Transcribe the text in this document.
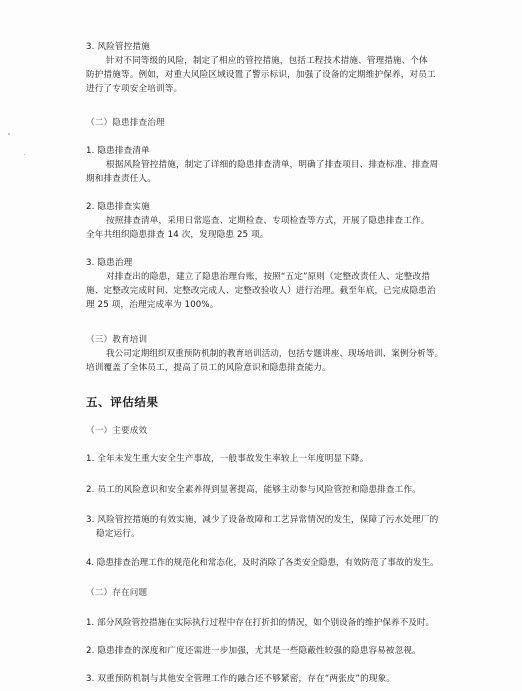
3. 风险管控措施
针对不同等级的风险，制定了相应的管控措施，包括工程技术措施、管理措施、个体
防护措施等。例如，对重大风险区域设置了警示标识，加强了设备的定期维护保养，对员工
进行了专项安全培训等。
（二）隐患排查治理
1. 隐患排查清单
根据风险管控措施，制定了详细的隐患排查清单，明确了排查项目、排查标准、排查周
期和排查责任人。
2. 隐患排查实施
按照排查清单，采用日常巡查、定期检查、专项检查等方式，开展了隐患排查工作。
全年共组织隐患排查 14 次，发现隐患 25 项。
3. 隐患治理
对排查出的隐患，建立了隐患治理台账，按照“五定”原则（定整改责任人、定整改措
施、定整改完成时间、定整改完成人、定整改验收人）进行治理。截至年底，已完成隐患治
理 25 项，治理完成率为 100%。
（三）教育培训
我公司定期组织双重预防机制的教育培训活动，包括专题讲座、现场培训、案例分析等。
培训覆盖了全体员工，提高了员工的风险意识和隐患排查能力。
五、评估结果
（一）主要成效
1. 全年未发生重大安全生产事故，一般事故发生率较上一年度明显下降。
2. 员工的风险意识和安全素养得到显著提高，能够主动参与风险管控和隐患排查工作。
3. 风险管控措施的有效实施，减少了设备故障和工艺异常情况的发生，保障了污水处理厂的
稳定运行。
4. 隐患排查治理工作的规范化和常态化，及时消除了各类安全隐患，有效防范了事故的发生。
（二）存在问题
1. 部分风险管控措施在实际执行过程中存在打折扣的情况，如个别设备的维护保养不及时。
2. 隐患排查的深度和广度还需进一步加强，尤其是一些隐蔽性较强的隐患容易被忽视。
3. 双重预防机制与其他安全管理工作的融合还不够紧密，存在“两张皮”的现象。
